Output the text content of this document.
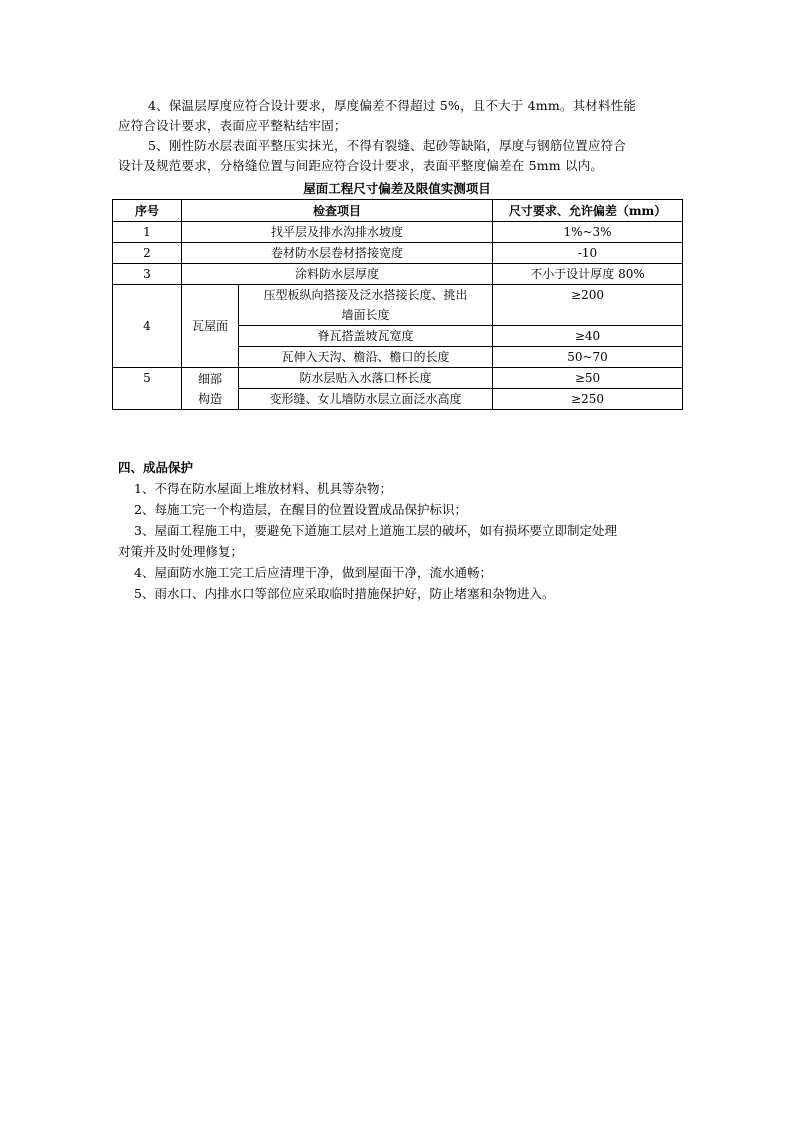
4、保温层厚度应符合设计要求，厚度偏差不得超过 5%，且不大于 4mm。其材料性能
应符合设计要求，表面应平整粘结牢固；
5、刚性防水层表面平整压实抹光，不得有裂缝、起砂等缺陷，厚度与钢筋位置应符合
设计及规范要求，分格缝位置与间距应符合设计要求，表面平整度偏差在 5mm 以内。
屋面工程尺寸偏差及限值实测项目
序号	检查项目		尺寸要求、允许偏差（mm）
1	找平层及排水沟排水坡度		1%~3%
2	卷材防水层卷材搭接宽度		-10
3	涂料防水层厚度		不小于设计厚度 80%
4	瓦屋面	压型板纵向搭接及泛水搭接长度、挑出
墙面长度	≥200
		脊瓦搭盖坡瓦宽度	≥40
		瓦伸入天沟、檐沿、檐口的长度	50~70
5	细部
构造	防水层贴入水落口杯长度	≥50
		变形缝、女儿墙防水层立面泛水高度	≥250
四、成品保护
1、不得在防水屋面上堆放材料、机具等杂物；
2、每施工完一个构造层，在醒目的位置设置成品保护标识；
3、屋面工程施工中，要避免下道施工层对上道施工层的破坏，如有损坏要立即制定处理
对策并及时处理修复；
4、屋面防水施工完工后应清理干净，做到屋面干净，流水通畅；
5、雨水口、内排水口等部位应采取临时措施保护好，防止堵塞和杂物进入。
